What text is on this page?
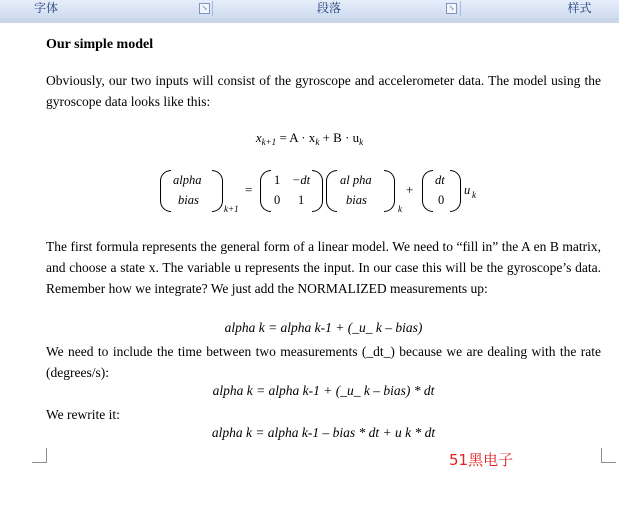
字体	↘	段落	↘	样式
Our simple model
Obviously, our two inputs will consist of the gyroscope and accelerometer data. The model using the gyroscope data looks like this:
$x_{k+1} = A \cdot x_k + B \cdot u_k$
alpha
bias
k+1
=
1 −dt
0 1
al pha
bias
k
+
dt
0
u k
The first formula represents the general form of a linear model. We need to “fill in” the A en B matrix, and choose a state x. The variable u represents the input. In our case this will be the gyroscope’s data. Remember how we integrate? We just add the NORMALIZED measurements up:
alpha k = alpha k-1 + (_u_ k – bias)
We need to include the time between two measurements (_dt_) because we are dealing with the rate (degrees/s):
alpha k = alpha k-1 + (_u_ k – bias) * dt
We rewrite it:
alpha k = alpha k-1 – bias * dt + u k * dt
51黑电子
